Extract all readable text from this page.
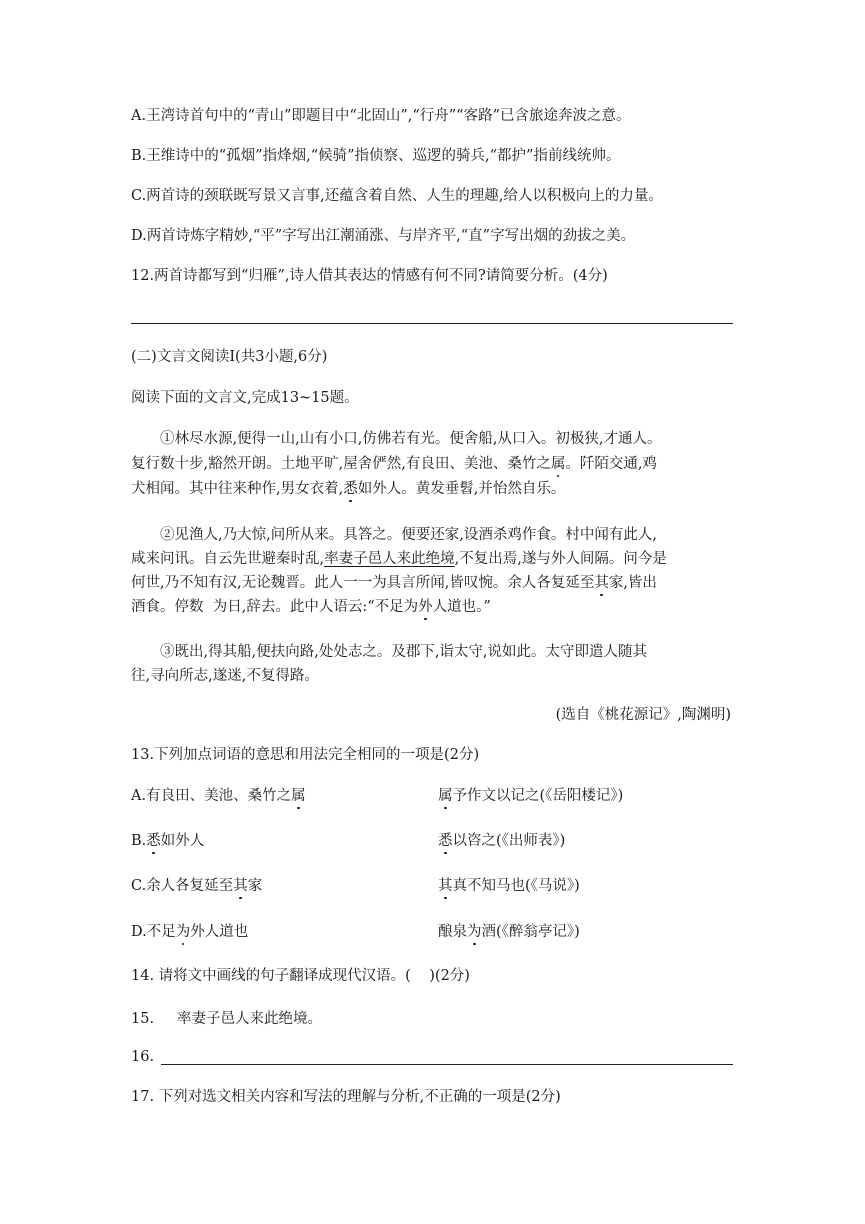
A.王湾诗首句中的“青山”即题目中“北固山”,“行舟”“客路”已含旅途奔波之意。
B.王维诗中的“孤烟”指烽烟,“候骑”指侦察、巡逻的骑兵,“都护”指前线统帅。
C.两首诗的颈联既写景又言事,还蕴含着自然、人生的理趣,给人以积极向上的力量。
D.两首诗炼字精妙,“平”字写出江潮涌涨、与岸齐平,“直”字写出烟的劲拔之美。
12.两首诗都写到“归雁”,诗人借其表达的情感有何不同?请简要分析。(4分)
(二)文言文阅读Ⅰ(共3小题,6分)
阅读下面的文言文,完成13~15题。
①林尽水源,便得一山,山有小口,仿佛若有光。便舍船,从口入。初极狭,才通人。
复行数十步,豁然开朗。土地平旷,屋舍俨然,有良田、美池、桑竹之属。阡陌交通,鸡
犬相闻。其中往来种作,男女衣着,悉如外人。黄发垂髫,并怡然自乐。
②见渔人,乃大惊,问所从来。具答之。便要还家,设酒杀鸡作食。村中闻有此人,
咸来问讯。自云先世避秦时乱,率妻子邑人来此绝境,不复出焉,遂与外人间隔。问今是
何世,乃不知有汉,无论魏晋。此人一一为具言所闻,皆叹惋。余人各复延至其家,皆出
酒食。停数  为日,辞去。此中人语云:“不足为外人道也。”
③既出,得其船,便扶向路,处处志之。及郡下,诣太守,说如此。太守即遣人随其
往,寻向所志,遂迷,不复得路。
(选自《桃花源记》,陶渊明)
13.下列加点词语的意思和用法完全相同的一项是(2分)
A.有良田、美池、桑竹之属	属予作文以记之(《岳阳楼记》)
B.悉如外人	悉以咨之(《出师表》)
C.余人各复延至其家	其真不知马也(《马说》)
D.不足为外人道也	酿泉为酒(《醉翁亭记》)
14. 请将文中画线的句子翻译成现代汉语。(    )(2分)
15. 率妻子邑人来此绝境。
16.
17. 下列对选文相关内容和写法的理解与分析,不正确的一项是(2分)
